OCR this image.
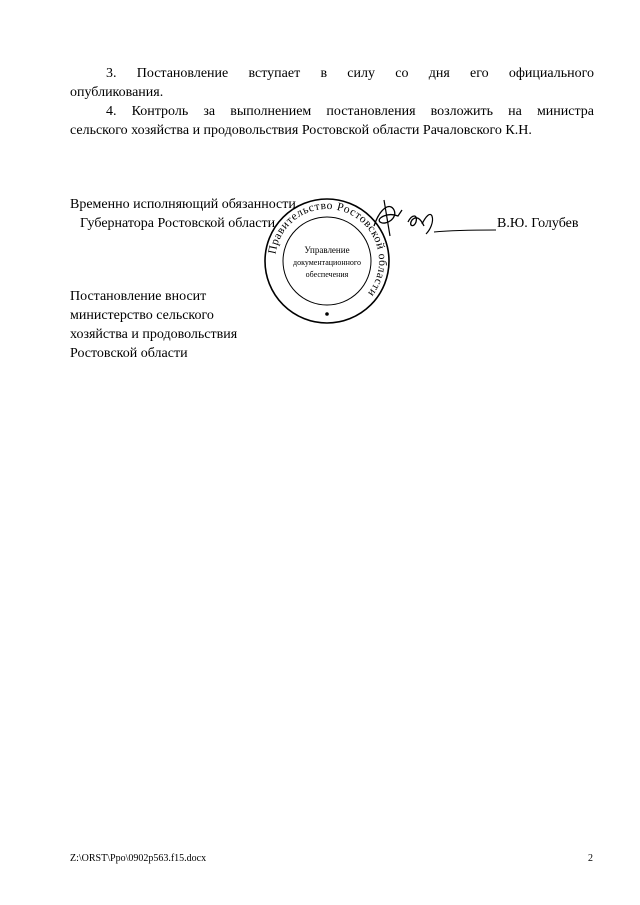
3. Постановление вступает в силу со дня его официального
опубликования.
4. Контроль за выполнением постановления возложить на министра
сельского хозяйства и продовольствия Ростовской области Рачаловского К.Н.
Временно исполняющий обязанности
Губернатора Ростовской области	В.Ю. Голубев
Правительство Ростовской области
Управление
документационного
обеспечения
Постановление вносит
министерство сельского
хозяйства и продовольствия
Ростовской области
Z:\ORST\Ppo\0902p563.f15.docx	2
